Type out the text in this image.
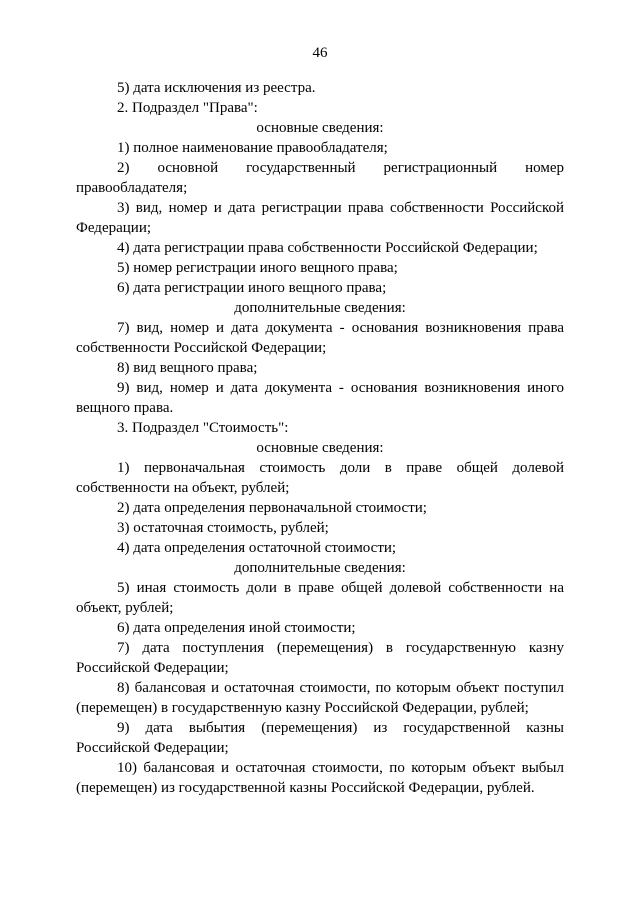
46

5) дата исключения из реестра.

2. Подраздел "Права":

основные сведения:

1) полное наименование правообладателя;

2) основной государственный регистрационный номер правообладателя;

3) вид, номер и дата регистрации права собственности Российской Федерации;

4) дата регистрации права собственности Российской Федерации;

5) номер регистрации иного вещного права;

6) дата регистрации иного вещного права;

дополнительные сведения:

7) вид, номер и дата документа - основания возникновения права собственности Российской Федерации;

8) вид вещного права;

9) вид, номер и дата документа - основания возникновения иного вещного права.

3. Подраздел "Стоимость":

основные сведения:

1) первоначальная стоимость доли в праве общей долевой собственности на объект, рублей;

2) дата определения первоначальной стоимости;

3) остаточная стоимость, рублей;

4) дата определения остаточной стоимости;

дополнительные сведения:

5) иная стоимость доли в праве общей долевой собственности на объект, рублей;

6) дата определения иной стоимости;

7) дата поступления (перемещения) в государственную казну Российской Федерации;

8) балансовая и остаточная стоимости, по которым объект поступил (перемещен) в государственную казну Российской Федерации, рублей;

9) дата выбытия (перемещения) из государственной казны Российской Федерации;

10) балансовая и остаточная стоимости, по которым объект выбыл (перемещен) из государственной казны Российской Федерации, рублей.
